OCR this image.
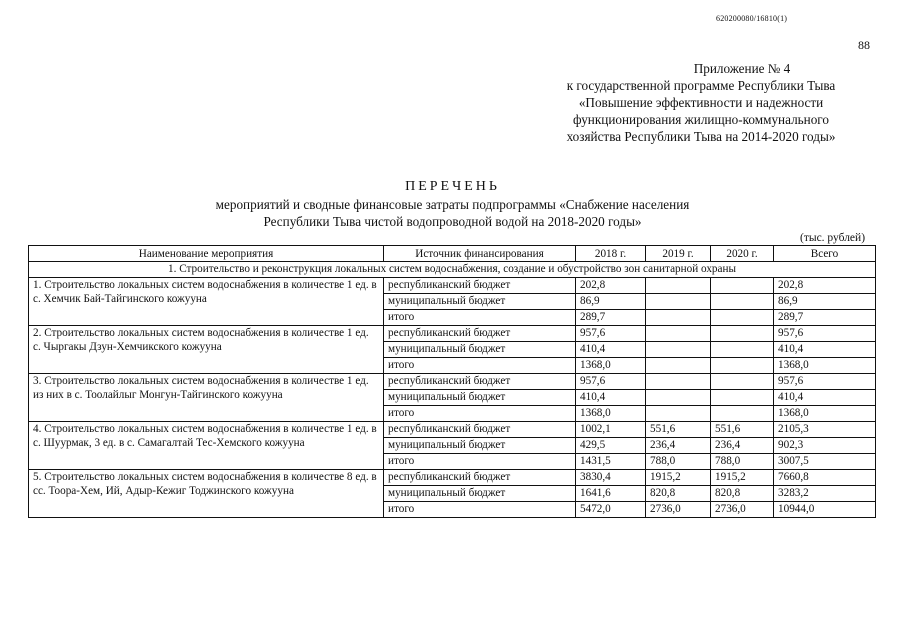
620200080/16810(1)
88
Приложение № 4
к государственной программе Республики Тыва
«Повышение эффективности и надежности
функционирования жилищно-коммунального
хозяйства Республики Тыва на 2014-2020 годы»
ПЕРЕЧЕНЬ
мероприятий и сводные финансовые затраты подпрограммы «Снабжение населения
Республики Тыва чистой водопроводной водой на 2018-2020 годы»
(тыс. рублей)
Наименование мероприятия	Источник финансирования	2018 г.	2019 г.	2020 г.	Всего
1. Строительство и реконструкция локальных систем водоснабжения, создание и обустройство зон санитарной охраны					
1. Строительство локальных систем водоснабжения в количестве 1 ед. в с. Хемчик Бай-Тайгинского кожууна	республиканский бюджет	202,8			202,8
	муниципальный бюджет	86,9			86,9
	итого	289,7			289,7
2. Строительство локальных систем водоснабжения в количестве 1 ед. с. Чыргакы Дзун-Хемчикского кожууна	республиканский бюджет	957,6			957,6
	муниципальный бюджет	410,4			410,4
	итого	1368,0			1368,0
3. Строительство локальных систем водоснабжения в количестве 1 ед. из них в с. Тоолайлыг Монгун-Тайгинского кожууна	республиканский бюджет	957,6			957,6
	муниципальный бюджет	410,4			410,4
	итого	1368,0			1368,0
4. Строительство локальных систем водоснабжения в количестве 1 ед. в с. Шуурмак, 3 ед. в с. Самагалтай Тес-Хемского кожууна	республиканский бюджет	1002,1	551,6	551,6	2105,3
	муниципальный бюджет	429,5	236,4	236,4	902,3
	итого	1431,5	788,0	788,0	3007,5
5. Строительство локальных систем водоснабжения в количестве 8 ед. в сс. Тоора-Хем, Ий, Адыр-Кежиг Тоджинского кожууна	республиканский бюджет	3830,4	1915,2	1915,2	7660,8
	муниципальный бюджет	1641,6	820,8	820,8	3283,2
	итого	5472,0	2736,0	2736,0	10944,0
